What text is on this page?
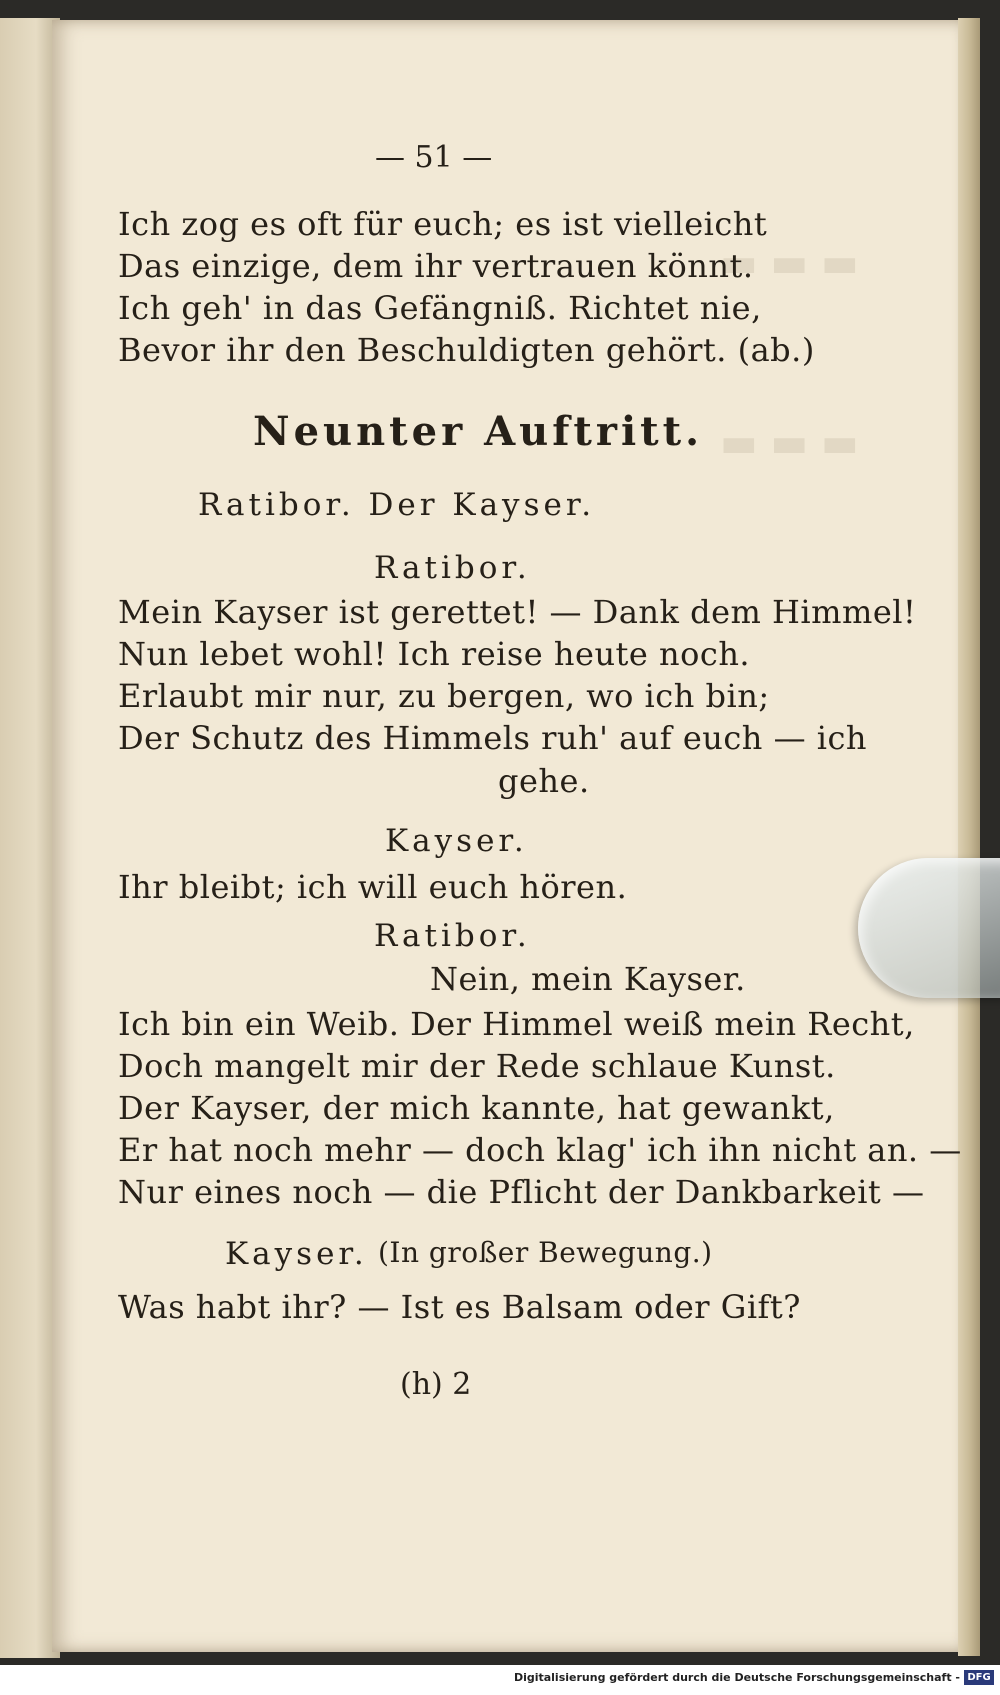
▬ ▬ ▬
▬ ▬ ▬
— 51 —
Ich zog es oft für euch; es ist vielleicht
Das einzige, dem ihr vertrauen könnt.
Ich geh' in das Gefängniß. Richtet nie,
Bevor ihr den Beschuldigten gehört. (ab.)
Neunter Auftritt.
Ratibor. Der Kayser.
Ratibor.
Mein Kayser ist gerettet! — Dank dem Himmel!
Nun lebet wohl! Ich reise heute noch.
Erlaubt mir nur, zu bergen, wo ich bin;
Der Schutz des Himmels ruh' auf euch — ich
gehe.
Kayser.
Ihr bleibt; ich will euch hören.
Ratibor.
Nein, mein Kayser.
Ich bin ein Weib. Der Himmel weiß mein Recht,
Doch mangelt mir der Rede schlaue Kunst.
Der Kayser, der mich kannte, hat gewankt,
Er hat noch mehr — doch klag' ich ihn nicht an. —
Nur eines noch — die Pflicht der Dankbarkeit —
Kayser. (In großer Bewegung.)
Was habt ihr? — Ist es Balsam oder Gift?
(h) 2
Digitalisierung gefördert durch die Deutsche Forschungsgemeinschaft - DFG
